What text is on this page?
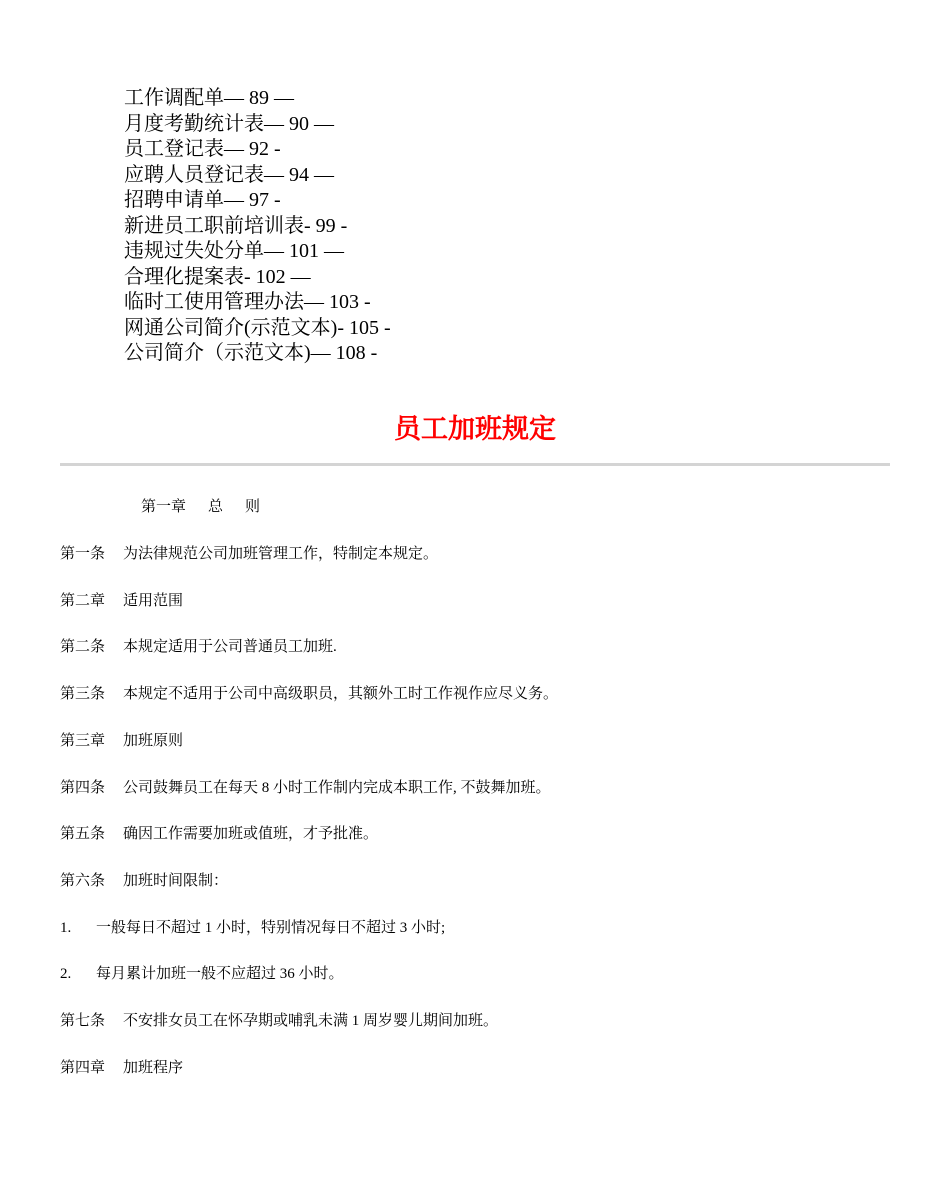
工作调配单— 89 —
月度考勤统计表— 90 —
员工登记表— 92 -
应聘人员登记表— 94 —
招聘申请单— 97 -
新进员工职前培训表- 99 -
违规过失处分单— 101 —
合理化提案表- 102 —
临时工使用管理办法— 103 -
网通公司简介(示范文本)- 105 -
公司简介（示范文本)— 108 -
员工加班规定
第一章 总 则
第一条 为法律规范公司加班管理工作，特制定本规定。
第二章 适用范围
第二条 本规定适用于公司普通员工加班.
第三条 本规定不适用于公司中高级职员，其额外工时工作视作应尽义务。
第三章 加班原则
第四条 公司鼓舞员工在每天 8 小时工作制内完成本职工作, 不鼓舞加班。
第五条 确因工作需要加班或值班，才予批准。
第六条 加班时间限制：
1. 一般每日不超过 1 小时，特别情况每日不超过 3 小时;
2. 每月累计加班一般不应超过 36 小时。
第七条 不安排女员工在怀孕期或哺乳未满 1 周岁婴儿期间加班。
第四章 加班程序
